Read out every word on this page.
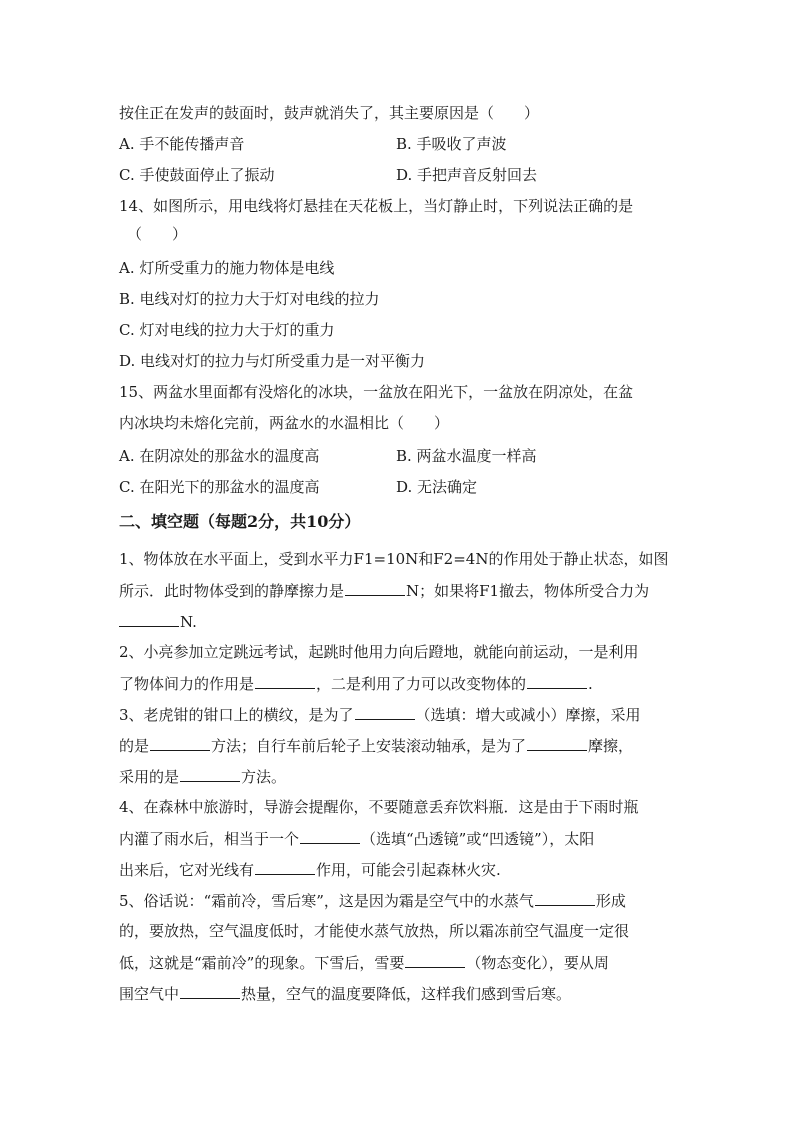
按住正在发声的鼓面时，鼓声就消失了，其主要原因是（　　）
A. 手不能传播声音	B. 手吸收了声波
C. 手使鼓面停止了振动	D. 手把声音反射回去
14、如图所示，用电线将灯悬挂在天花板上，当灯静止时，下列说法正确的是
（　　）
A. 灯所受重力的施力物体是电线
B. 电线对灯的拉力大于灯对电线的拉力
C. 灯对电线的拉力大于灯的重力
D. 电线对灯的拉力与灯所受重力是一对平衡力
15、两盆水里面都有没熔化的冰块，一盆放在阳光下，一盆放在阴凉处，在盆
内冰块均未熔化完前，两盆水的水温相比（　　）
A. 在阴凉处的那盆水的温度高	B. 两盆水温度一样高
C. 在阳光下的那盆水的温度高	D. 无法确定
二、填空题（每题2分，共10分）
1、物体放在水平面上，受到水平力F1=10N和F2=4N的作用处于静止状态，如图
所示．此时物体受到的静摩擦力是	N；如果将F1撤去，物体所受合力为
N.
2、小亮参加立定跳远考试，起跳时他用力向后蹬地，就能向前运动，一是利用
了物体间力的作用是	，二是利用了力可以改变物体的	.
3、老虎钳的钳口上的横纹，是为了	（选填：增大或减小）摩擦，采用
的是	方法；自行车前后轮子上安装滚动轴承，是为了	摩擦，
采用的是	方法。
4、在森林中旅游时，导游会提醒你，不要随意丢弃饮料瓶．这是由于下雨时瓶
内灌了雨水后，相当于一个	（选填“凸透镜”或“凹透镜”），太阳
出来后，它对光线有	作用，可能会引起森林火灾.
5、俗话说：“霜前冷，雪后寒”，这是因为霜是空气中的水蒸气	形成
的，要放热，空气温度低时，才能使水蒸气放热，所以霜冻前空气温度一定很
低，这就是“霜前冷”的现象。下雪后，雪要	（物态变化），要从周
围空气中	热量，空气的温度要降低，这样我们感到雪后寒。
